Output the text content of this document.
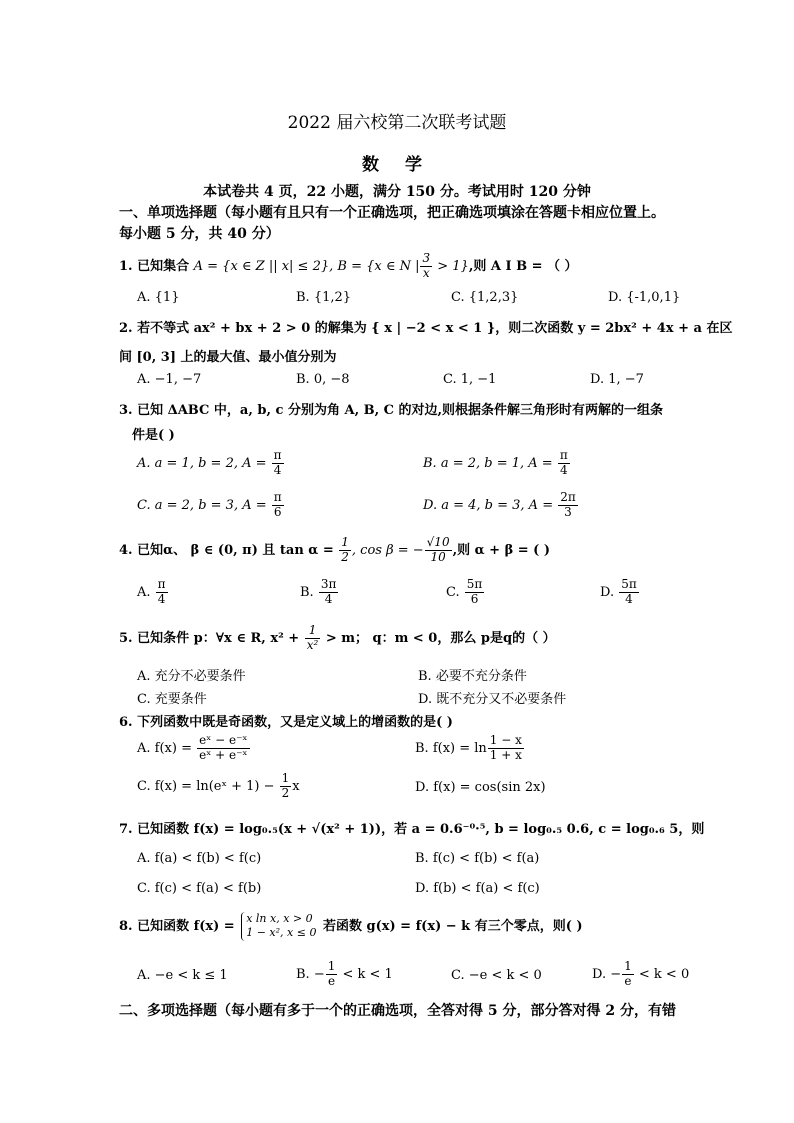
2022 届六校第二次联考试题
数 学
本试卷共 4 页，22 小题，满分 150 分。考试用时 120 分钟
一、单项选择题（每小题有且只有一个正确选项，把正确选项填涂在答题卡相应位置上。
每小题 5 分，共 40 分）
1. 已知集合 A = {x ∈ Z || x| ≤ 2}, B = {x ∈ N | $\frac{3}{x} > 1$},则 A I B = （ ）
A. {1}	B. {1,2}	C. {1,2,3}	D. {-1,0,1}
2. 若不等式 ax² + bx + 2 > 0 的解集为 { x | −2 < x < 1 }，则二次函数 y = 2bx² + 4x + a 在区
间 [0, 3] 上的最大值、最小值分别为
A. −1, −7	B. 0, −8	C. 1, −1	D. 1, −7
3. 已知 ΔABC 中，a, b, c 分别为角 A, B, C 的对边,则根据条件解三角形时有两解的一组条
件是( )
A. a = 1, b = 2, $A = \frac{\pi}{4}$	B. a = 2, b = 1, $A = \frac{\pi}{4}$
C. a = 2, b = 3, $A = \frac{\pi}{6}$	D. a = 4, b = 3, $A = \frac{2\pi}{3}$
4. 已知α、 β ∈ (0, π) 且 $\tan \alpha = \frac{1}{2}$ , cos β = − $\frac{√10}{10}$ ,则 α + β = ( )
A. $\frac{\pi}{4}$	B. $\frac{3\pi}{4}$	C. $\frac{5\pi}{6}$	D. $\frac{5\pi}{4}$
5. 已知条件 p：∀x ∈ R, $x^2 + \frac{1}{\text{x²}} > m$； q：m < 0，那么 p是q的（ ）
A. 充分不必要条件	B. 必要不充分条件
C. 充要条件	D. 既不充分又不必要条件
6. 下列函数中既是奇函数，又是定义域上的增函数的是( )
A. $f(x) = \frac{\text{eˣ − e⁻ˣ}}{\text{eˣ + e⁻ˣ}}$	B. $f(x) = \ln \frac{1 - x}{1 + x}$
C. f(x) = ln(eˣ + $1) - \frac{1}{2}$ x	D. f(x) = cos(sin 2x)
7. 已知函数 f(x) = log₀.₅(x + √(x² + 1))，若 a = 0.6⁻⁰·⁵, b = log₀.₅ 0.6, c = log₀.₆ 5，则
A. f(a) < f(b) < f(c)	B. f(c) < f(b) < f(a)
C. f(c) < f(a) < f(b)	D. f(b) < f(a) < f(c)
8. 已知函数 f(x) =
x ln x, x > 0
1 − x², x ≤ 0 若函数 g(x) = f(x) − k 有三个零点，则( )
A. −e < k ≤ 1	B. − $\frac{1}{e} < k < 1$	C. −e < k < 0	D. − $\frac{1}{e} < k < 0$
二、多项选择题（每小题有多于一个的正确选项，全答对得 5 分，部分答对得 2 分，有错
